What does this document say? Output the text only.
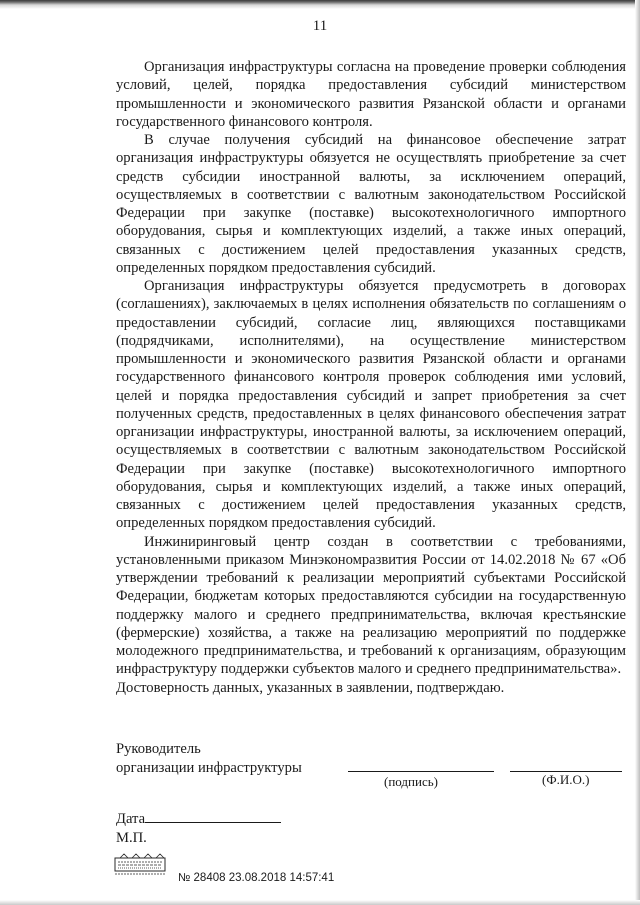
11

Организация инфраструктуры согласна на проведение проверки соблюдения условий, целей, порядка предоставления субсидий министерством промышленности и экономического развития Рязанской области и органами государственного финансового контроля.

В случае получения субсидий на финансовое обеспечение затрат организация инфраструктуры обязуется не осуществлять приобретение за счет средств субсидии иностранной валюты, за исключением операций, осуществляемых в соответствии с валютным законодательством Российской Федерации при закупке (поставке) высокотехнологичного импортного оборудования, сырья и комплектующих изделий, а также иных операций, связанных с достижением целей предоставления указанных средств, определенных порядком предоставления субсидий.

Организация инфраструктуры обязуется предусмотреть в договорах (соглашениях), заключаемых в целях исполнения обязательств по соглашениям о предоставлении субсидий, согласие лиц, являющихся поставщиками (подрядчиками, исполнителями), на осуществление министерством промышленности и экономического развития Рязанской области и органами государственного финансового контроля проверок соблюдения ими условий, целей и порядка предоставления субсидий и запрет приобретения за счет полученных средств, предоставленных в целях финансового обеспечения затрат организации инфраструктуры, иностранной валюты, за исключением операций, осуществляемых в соответствии с валютным законодательством Российской Федерации при закупке (поставке) высокотехнологичного импортного оборудования, сырья и комплектующих изделий, а также иных операций, связанных с достижением целей предоставления указанных средств, определенных порядком предоставления субсидий.

Инжиниринговый центр создан в соответствии с требованиями, установленными приказом Минэкономразвития России от 14.02.2018 № 67 «Об утверждении требований к реализации мероприятий субъектами Российской Федерации, бюджетам которых предоставляются субсидии на государственную поддержку малого и среднего предпринимательства, включая крестьянские (фермерские) хозяйства, а также на реализацию мероприятий по поддержке молодежного предпринимательства, и требований к организациям, образующим инфраструктуру поддержки субъектов малого и среднего предпринимательства».

Достоверность данных, указанных в заявлении, подтверждаю.

Руководитель
организации инфраструктуры
(подпись)	(Ф.И.О.)
Дата
М.П.
№ 28408 23.08.2018 14:57:41
